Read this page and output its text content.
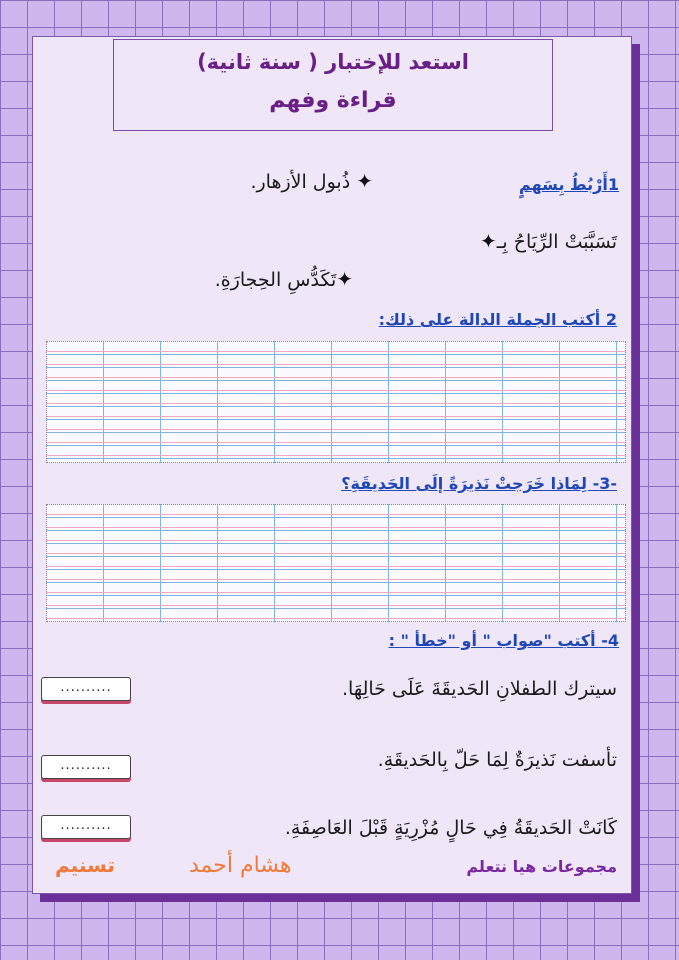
استعد للإختبار ( سنة ثانية)
قراءة وفهم
1أَرْبُطُ بِسَهمٍ
✦ ذُبول الأزهار.
تَسَبَّبَتْ الرِّيَاحُ بِـ✦
✦تَكَدُّسِ الحِجارَةِ.
2 أكتب الجملة الدالة على ذلك:
-3- لِمَاذا خَرَجتْ نَذيرَةً إلَى الحَديقَةِ؟
4- أكتب "صواب " أو "خطأ " :
سيترك الطفلانِ الحَديقَةَ عَلَى حَالِهَا.
..........
تأسفت نَذيرَةٌ لِمَا حَلّ بِالحَديقَةِ.
..........
كَانَتْ الحَديقَةُ فِي حَالٍ مُزْرِيَةٍ قَبْلَ العَاصِفَةِ.
..........
مجموعات هيا نتعلم
هشام أحمد
تسنيم
